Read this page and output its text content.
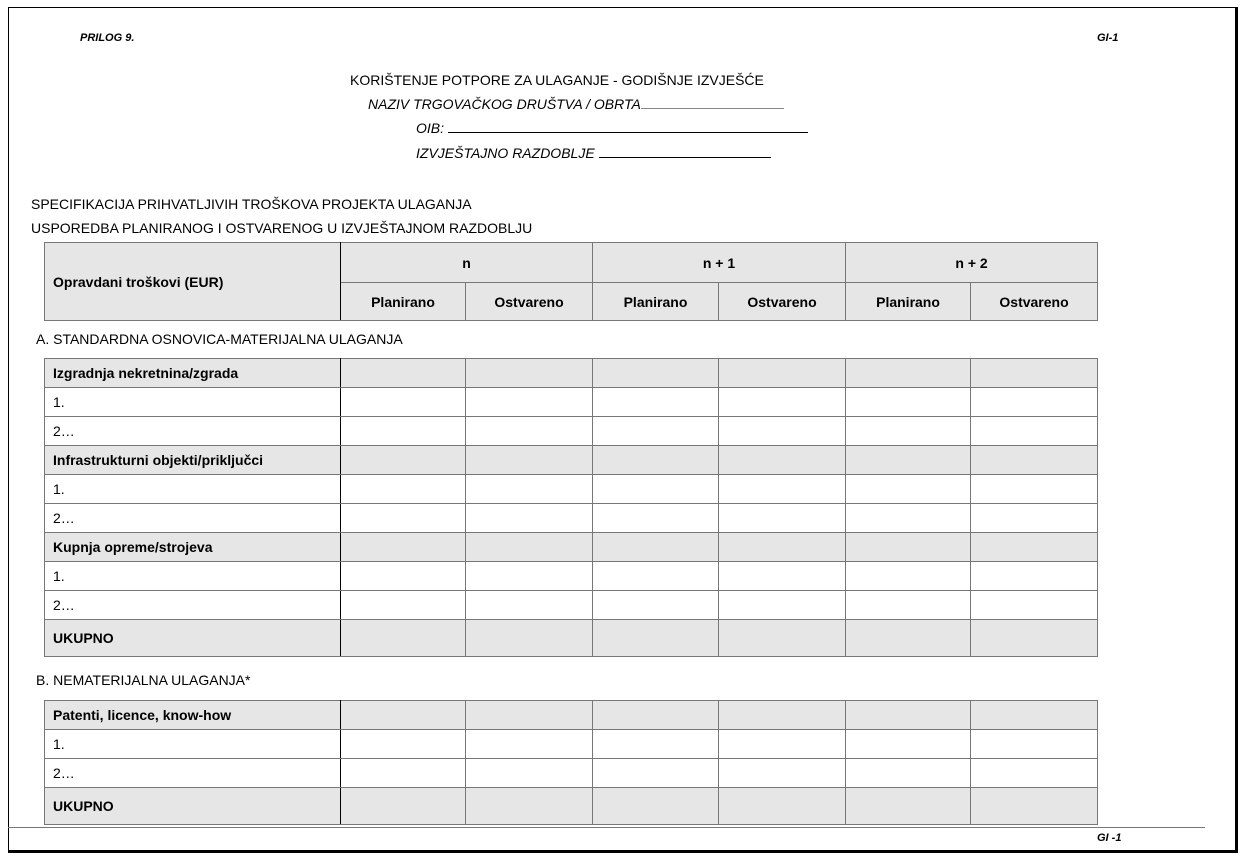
PRILOG 9.	GI-1
KORIŠTENJE POTPORE ZA ULAGANJE - GODIŠNJE IZVJEŠĆE
NAZIV TRGOVAČKOG DRUŠTVA / OBRTA
OIB:
IZVJEŠTAJNO RAZDOBLJE
SPECIFIKACIJA PRIHVATLJIVIH TROŠKOVA PROJEKTA ULAGANJA
USPOREDBA PLANIRANOG I OSTVARENOG U IZVJEŠTAJNOM RAZDOBLJU
Opravdani troškovi (EUR)	n		n + 1		n + 2	
	Planirano	Ostvareno	Planirano	Ostvareno	Planirano	Ostvareno
A. STANDARDNA OSNOVICA-MATERIJALNA ULAGANJA
Izgradnja nekretnina/zgrada						
1.						
2…						
Infrastrukturni objekti/priključci						
1.						
2…						
Kupnja opreme/strojeva						
1.						
2…						
UKUPNO						
B. NEMATERIJALNA ULAGANJA*
Patenti, licence, know-how						
1.						
2…						
UKUPNO						
GI -1
